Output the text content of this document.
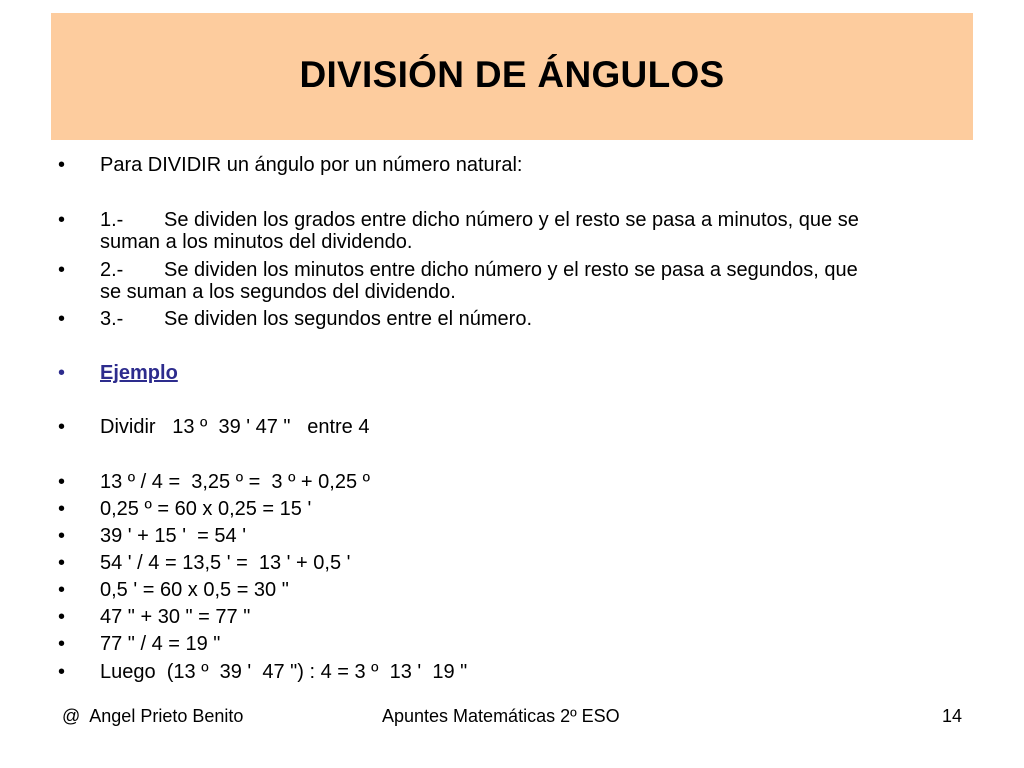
DIVISIÓN DE ÁNGULOS
•	Para DIVIDIR un ángulo por un número natural:
•	1.- Se dividen los grados entre dicho número y el resto se pasa a minutos, que se
suman a los minutos del dividendo.
•	2.- Se dividen los minutos entre dicho número y el resto se pasa a segundos, que
se suman a los segundos del dividendo.
•	3.- Se dividen los segundos entre el número.
•	Ejemplo
•	Dividir   13 º  39 ' 47 "   entre 4
•	13 º / 4 =  3,25 º =  3 º + 0,25 º
•	0,25 º = 60 x 0,25 = 15 '
•	39 ' + 15 '  = 54 '
•	54 ' / 4 = 13,5 ' =  13 ' + 0,5 '
•	0,5 ' = 60 x 0,5 = 30 "
•	47 " + 30 " = 77 "
•	77 " / 4 = 19 "
•	Luego  (13 º  39 '  47 ") : 4 = 3 º  13 '  19 "
@  Angel Prieto Benito	Apuntes Matemáticas 2º ESO	14
